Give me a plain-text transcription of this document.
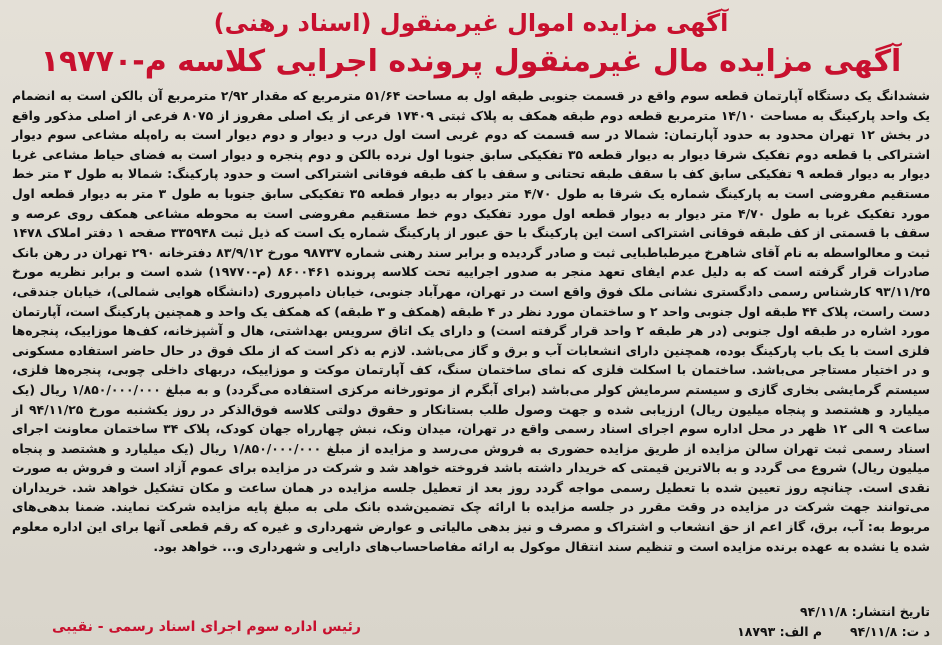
آگهی مزایده اموال غیرمنقول (اسناد رهنی)
آگهی مزایده مال غیرمنقول پرونده اجرایی کلاسه م-۱۹۷۷۰

ششدانگ یک دستگاه آپارتمان قطعه سوم واقع در قسمت جنوبی طبقه اول به مساحت ۵۱/۶۴ مترمربع که مقدار ۲/۹۲ مترمربع آن بالکن است به انضمام یک واحد پارکینگ به مساحت ۱۴/۱۰ مترمربع قطعه دوم طبقه همکف به پلاک ثبتی ۱۷۴۰۹ فرعی از یک اصلی مفروز از ۸۰۷۵ فرعی از اصلی مذکور واقع در بخش ۱۲ تهران محدود به حدود آپارتمان: شمالا در سه قسمت که دوم غربی است اول درب و دیوار و دوم دیوار است به راه‌پله مشاعی سوم دیوار اشتراکی با قطعه دوم تفکیک شرقا دیوار به دیوار قطعه ۳۵ تفکیکی سابق جنوبا اول نرده بالکن و دوم پنجره و دیوار است به فضای حیاط مشاعی غربا دیوار به دیوار قطعه ۹ تفکیکی سابق کف با سقف طبقه تحتانی و سقف با کف طبقه فوقانی اشتراکی است و حدود پارکینگ: شمالا به طول ۳ متر خط مستقیم مفروضی است به پارکینگ شماره یک شرقا به طول ۴/۷۰ متر دیوار به دیوار قطعه ۳۵ تفکیکی سابق جنوبا به طول ۳ متر به دیوار قطعه اول مورد تفکیک غربا به طول ۴/۷۰ متر دیوار به دیوار قطعه اول مورد تفکیک دوم خط مستقیم مفروضی است به محوطه مشاعی همکف روی عرصه و سقف با قسمتی از کف طبقه فوقانی اشتراکی است این پارکینگ با حق عبور از پارکینگ شماره یک است که ذیل ثبت ۳۳۵۹۴۸ صفحه ۱ دفتر املاک ۱۴۷۸ ثبت و معالواسطه به نام آقای شاهرخ میرطباطبایی ثبت و صادر گردیده و برابر سند رهنی شماره ۹۸۷۳۷ مورخ ۸۳/۹/۱۲ دفترخانه ۲۹۰ تهران در رهن بانک صادرات قرار گرفته است که به دلیل عدم ایفای تعهد منجر به صدور اجراییه تحت کلاسه پرونده ۸۶۰۰۴۶۱ (م-۱۹۷۷۰) شده است و برابر نظریه مورخ ۹۳/۱۱/۲۵ کارشناس رسمی دادگستری نشانی ملک فوق واقع است در تهران، مهرآباد جنوبی، خیابان دامپروری (دانشگاه هوایی شمالی)، خیابان جندقی، دست راست، پلاک ۴۴ طبقه اول جنوبی واحد ۲ و ساختمان مورد نظر در ۴ طبقه (همکف و ۳ طبقه) که همکف یک واحد و همچنین پارکینگ است، آپارتمان مورد اشاره در طبقه اول جنوبی (در هر طبقه ۲ واحد قرار گرفته است) و دارای یک اتاق سرویس بهداشتی، هال و آشپزخانه، کف‌ها موزاییک، پنجره‌ها فلزی است با یک باب پارکینگ بوده، همچنین دارای انشعابات آب و برق و گاز می‌باشد. لازم به ذکر است که از ملک فوق در حال حاضر استفاده مسکونی و در اختیار مستاجر می‌باشد. ساختمان با اسکلت فلزی که نمای ساختمان سنگ، کف آپارتمان موکت و موزاییک، دربهای داخلی چوبی، پنجره‌ها فلزی، سیستم گرمایشی بخاری گازی و سیستم سرمایش کولر می‌باشد (برای آبگرم از موتورخانه مرکزی استفاده می‌گردد) و به مبلغ ۱/۸۵۰/۰۰۰/۰۰۰ ریال (یک میلیارد و هشتصد و پنجاه میلیون ریال) ارزیابی شده و جهت وصول طلب بستانکار و حقوق دولتی کلاسه فوق‌الذکر در روز یکشنبه مورخ ۹۴/۱۱/۲۵ از ساعت ۹ الی ۱۲ ظهر در محل اداره سوم اجرای اسناد رسمی واقع در تهران، میدان ونک، نبش چهارراه جهان کودک، پلاک ۳۴ ساختمان معاونت اجرای اسناد رسمی ثبت تهران سالن مزایده از طریق مزایده حضوری به فروش می‌رسد و مزایده از مبلغ ۱/۸۵۰/۰۰۰/۰۰۰ ریال (یک میلیارد و هشتصد و پنجاه میلیون ریال) شروع می گردد و به بالاترین قیمتی که خریدار داشته باشد فروخته خواهد شد و شرکت در مزایده برای عموم آزاد است و فروش به صورت نقدی است. چنانچه روز تعیین شده با تعطیل رسمی مواجه گردد روز بعد از تعطیل جلسه مزایده در همان ساعت و مکان تشکیل خواهد شد. خریداران می‌توانند جهت شرکت در مزایده در وقت مقرر در جلسه مزایده با ارائه چک تضمین‌شده بانک ملی به مبلغ پایه مزایده شرکت نمایند. ضمنا بدهی‌های مربوط به: آب، برق، گاز اعم از حق انشعاب و اشتراک و مصرف و نیز بدهی مالیاتی و عوارض شهرداری و غیره که رقم قطعی آنها برای این اداره معلوم شده یا نشده به عهده برنده مزایده است و تنظیم سند انتقال موکول به ارائه مفاصاحساب‌های دارایی و شهرداری و... خواهد بود.

تاریخ انتشار: ۹۴/۱۱/۸
د ت: ۹۴/۱۱/۸
م الف: ۱۸۷۹۳
رئیس اداره سوم اجرای اسناد رسمی - نقیبی
